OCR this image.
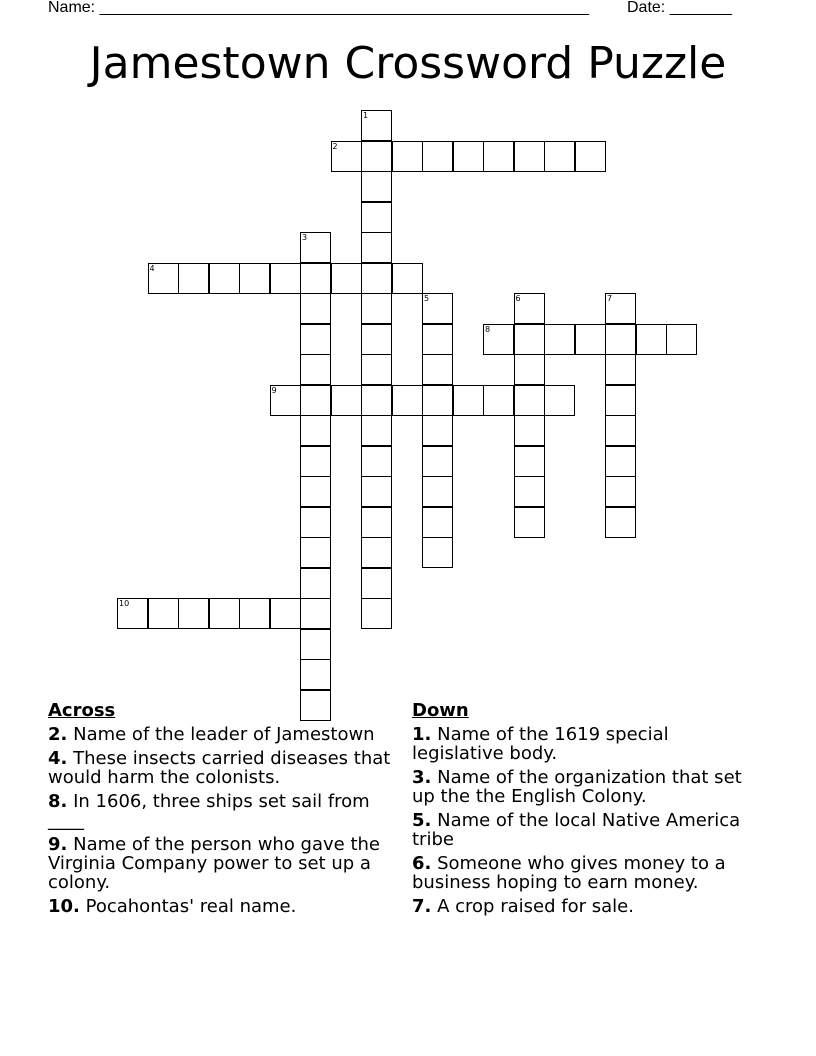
Name: _______________________________________________________ Date: _______
Jamestown Crossword Puzzle
1
2
3
4
5	6	7
8
9
10
Across
2. Name of the leader of Jamestown
4. These insects carried diseases that would harm the colonists.
8. In 1606, three ships set sail from ____
9. Name of the person who gave the Virginia Company power to set up a colony.
10. Pocahontas' real name.
Down
1. Name of the 1619 special legislative body.
3. Name of the organization that set up the the English Colony.
5. Name of the local Native America tribe
6. Someone who gives money to a business hoping to earn money.
7. A crop raised for sale.
